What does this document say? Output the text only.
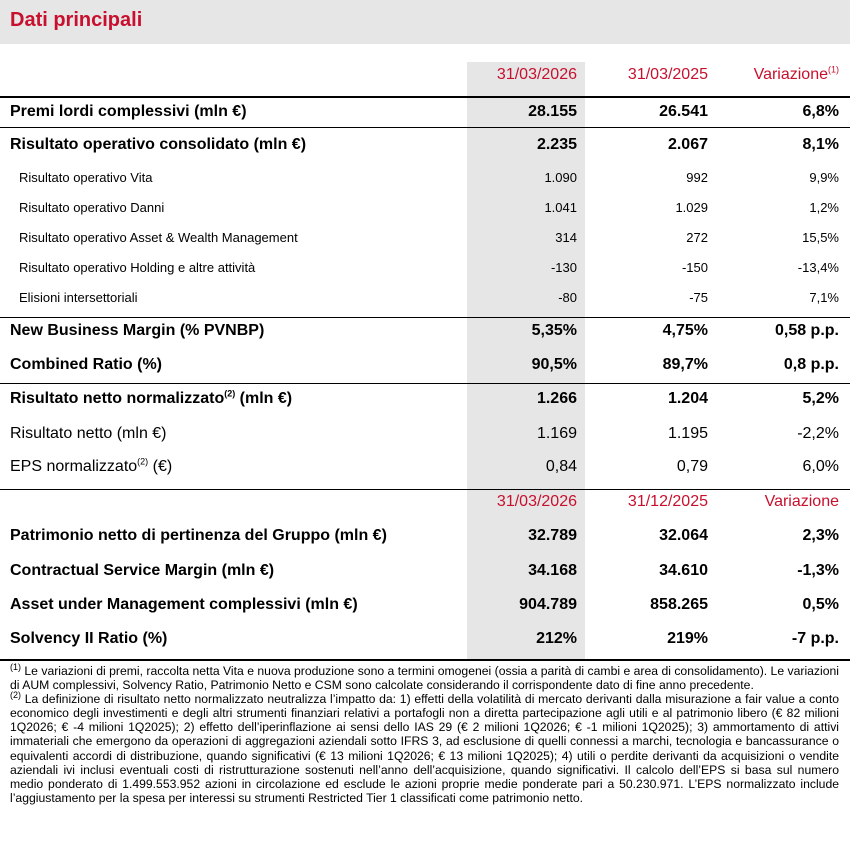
Dati principali
31/03/2026	31/03/2025	Variazione$^{(1)}$
Premi lordi complessivi (mln €)	28.155	26.541	6,8%
Risultato operativo consolidato (mln €)	2.235	2.067	8,1%
Risultato operativo Vita	1.090	992	9,9%
Risultato operativo Danni	1.041	1.029	1,2%
Risultato operativo Asset & Wealth Management	314	272	15,5%
Risultato operativo Holding e altre attività	-130	-150	-13,4%
Elisioni intersettoriali	-80	-75	7,1%
New Business Margin (% PVNBP)	5,35%	4,75%	0,58 p.p.
Combined Ratio (%)	90,5%	89,7%	0,8 p.p.
Risultato netto normalizzato$^{(2)}$ (mln €)	1.266	1.204	5,2%
Risultato netto (mln €)	1.169	1.195	-2,2%
EPS normalizzato$^{(2)}$ (€)	0,84	0,79	6,0%
31/03/2026	31/12/2025	Variazione
Patrimonio netto di pertinenza del Gruppo (mln €)	32.789	32.064	2,3%
Contractual Service Margin (mln €)	34.168	34.610	-1,3%
Asset under Management complessivi (mln €)	904.789	858.265	0,5%
Solvency II Ratio (%)	212%	219%	-7 p.p.

$^{(1)}$ Le variazioni di premi, raccolta netta Vita e nuova produzione sono a termini omogenei (ossia a parità di cambi e area di consolidamento). Le variazioni di AUM complessivi, Solvency Ratio, Patrimonio Netto e CSM sono calcolate considerando il corrispondente dato di fine anno precedente.

$^{(2)}$ La definizione di risultato netto normalizzato neutralizza l’impatto da: 1) effetti della volatilità di mercato derivanti dalla misurazione a fair value a conto economico degli investimenti e degli altri strumenti finanziari relativi a portafogli non a diretta partecipazione agli utili e al patrimonio libero (€ 82 milioni 1Q2026; € -4 milioni 1Q2025); 2) effetto dell’iperinflazione ai sensi dello IAS 29 (€ 2 milioni 1Q2026; € -1 milioni 1Q2025); 3) ammortamento di attivi immateriali che emergono da operazioni di aggregazioni aziendali sotto IFRS 3, ad esclusione di quelli connessi a marchi, tecnologia e bancassurance o equivalenti accordi di distribuzione, quando significativi (€ 13 milioni 1Q2026; € 13 milioni 1Q2025); 4) utili o perdite derivanti da acquisizioni o vendite aziendali ivi inclusi eventuali costi di ristrutturazione sostenuti nell’anno dell’acquisizione, quando significativi. Il calcolo dell’EPS si basa sul numero medio ponderato di 1.499.553.952 azioni in circolazione ed esclude le azioni proprie medie ponderate pari a 50.230.971. L’EPS normalizzato include l’aggiustamento per la spesa per interessi su strumenti Restricted Tier 1 classificati come patrimonio netto.
